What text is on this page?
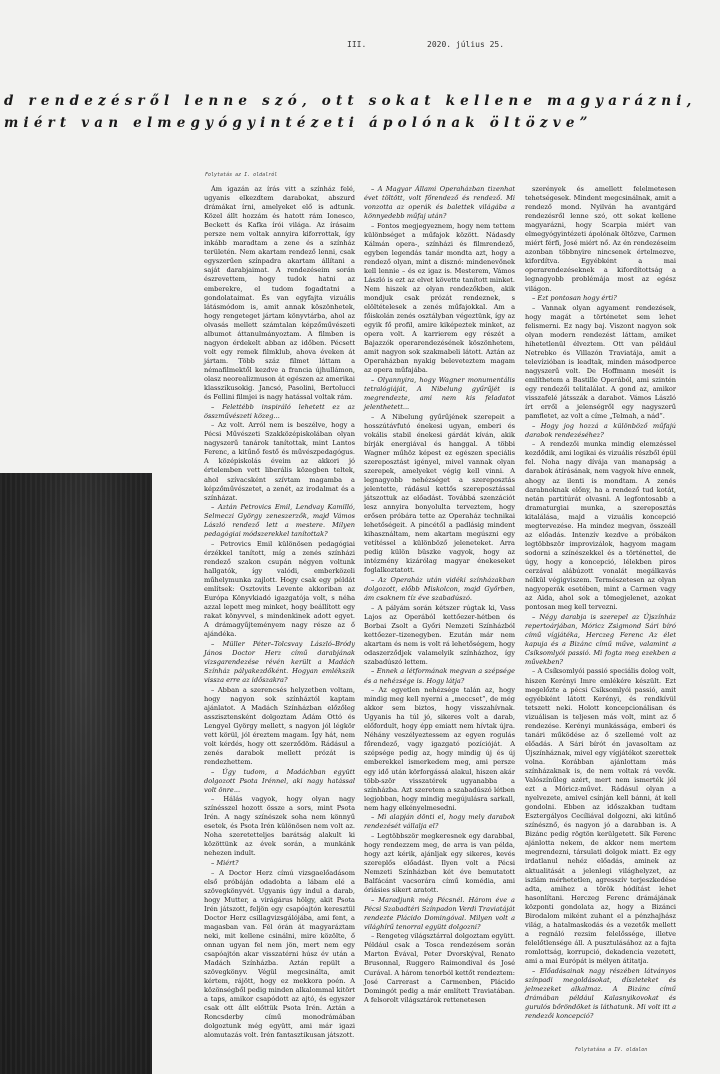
III.	2020. július 25.
d rendezésről lenne szó, ott sokat kellene magyarázni,
miért van elmegyógyintézeti ápolónak öltözve”
Folytatás az I. oldalról

Ám igazán az írás vitt a színház felé, ugyanis elkezdtem darabokat, abszurd drámákat írni, amelyeket elő is adtunk. Közel állt hozzám és hatott rám Ionesco, Beckett és Kafka írói világa. Az írásaim persze nem voltak annyira kiforrottak, így inkább maradtam a zene és a színház területén. Nem akartam rendező lenni, csak egyszerűen színpadra akartam állítani a saját darabjaimat. A rendezéseim során észrevettem, hogy tudok hatni az emberekre, el tudom fogadtatni a gondolataimat. És van egyfajta vizuális látásmódom is, amit annak köszönhetek, hogy rengeteget jártam könyvtárba, ahol az olvasás mellett számtalan képzőművészeti albumot áttanulmányoztam. A filmben is nagyon érdekelt abban az időben. Pécsett volt egy remek filmklub, ahova éveken át jártam. Több száz filmet láttam a némafilmektől kezdve a francia újhullámon, olasz neorealizmuson át egészen az amerikai klasszikusokig. Jancsó, Pasolini, Bertolucci és Fellini filmjei is nagy hatással voltak rám.

– Felettébb inspiráló lehetett ez az összművészeti közeg...

– Az volt. Arról nem is beszélve, hogy a Pécsi Művészeti Szakközépiskolában olyan nagyszerű tanárok tanítottak, mint Lantos Ferenc, a kitűnő festő és művészpedagógus. A középiskolás éveim az akkori jó értelemben vett liberális közegben teltek, ahol szívacsként szívtam magamba a képzőművészetet, a zenét, az irodalmat és a színházat.

– Aztán Petrovics Emil, Lendvay Kamilló, Selmeczi György zeneszerzők, majd Vámos László rendező lett a mestere. Milyen pedagógiai módszerekkel tanítottak?

– Petrovics Emil különösen pedagógiai érzékkel tanított, míg a zenés színházi rendező szakon csupán négyen voltunk hallgatók, így valódi, emberközeli műhelymunka zajlott. Hogy csak egy példát említsek: Osztovits Levente akkoriban az Európa Könyvkiadó igazgatója volt, s néha azzal lepett meg minket, hogy beállított egy rakat könyvvel, s mindenkinek adott egyet. A drámagyűjteményem nagy része az ő ajándéka.

– Müller Péter–Tolcsvay László–Bródy János Doctor Herz című darabjának vizsgarendezése révén került a Madách Színház pályakezdőként. Hogyan emlékszik vissza erre az időszakra?

– Abban a szerencsés helyzetben voltam, hogy nagyon sok színháztól kaptam ajánlatot. A Madách Színházban előzőleg asszisztensként dolgoztam Ádám Ottó és Lengyel György mellett, s nagyon jól légkör vett körül, jól éreztem magam. Így hát, nem volt kérdés, hogy ott szerződöm. Rádásul a zenés darabok mellett prózát is rendezhettem.

– Úgy tudom, a Madáchban együtt dolgozott Psota Irénnel, aki nagy hatással volt önre...

– Hálás vagyok, hogy olyan nagy színésszel hozott össze a sors, mint Psota Irén. A nagy színészek soha nem könnyű esetek, és Psota Irén különösen nem volt az. Noha szeretetteljes barátság alakult ki közöttünk az évek során, a munkánk nehezen indult.

– Miért?

– A Doctor Herz címú vizsgaelőadásom első próbáján odadobta a lábam elé a szövegkönyvét. Ugyanis úgy indul a darab, hogy Mutter, a virágárus hölgy, akit Psota Irén játszott, feljön egy csapóajtón keresztül Doctor Herz csillagvizsgálójába, ami fent, a magasban van. Fél órán át magyaráztam neki, mit kellene csinálni, mire közölte, ő onnan ugyan fel nem jön, mert nem egy csapóajtón akar visszatérni húsz év után a Madách Színházba. Aztán repült a szövegkönyv. Végül megcsinálta, amit kértem, rájött, hogy ez mekkora poén. A közönségből pedig minden alkalommal kitört a taps, amikor csapódott az ajtó, és egyszer csak ott állt előttük Psota Irén. Aztán a Roncsderby című monodrámában dolgoztunk még együtt, ami már igazi alomutazás volt. Irén fantasztikusan játszott.

– A Magyar Állami Operaházban tizenhat évet töltött, volt főrendező és rendező. Mi vonzotta az operák és balettek világába a könnyedebb műfaj után?

– Fontos megjegyeznem, hogy nem tettem különbséget a műfajok között. Nádasdy Kálmán opera-, színházi és filmrendező, egyben legendás tanár mondta azt, hogy a rendező olyan, mint a disznó: mindenevőnek kell lennie – és ez igaz is. Mesterem, Vámos László is ezt az elvet követte tanított minket. Nem hiszek az olyan rendezőkben, akik mondjuk csak prózát rendeznek, s elöltételesek a zenés műfajokkal. Am a főiskolán zenés osztályban végeztünk, így az egyik fő profil, amire kiképeztek minket, az opera volt. A karrierem egy részét a Bajazzók operarendezésének köszönhetem, amit nagyon sok szakmabeli látott. Aztán az Operaházban nyakig beleveteztem magam az opera műfajába.

– Olyannyira, hogy Wagner monumentális tetralógiáját, A Nibelung gyűrűjét is megrendezte, ami nem kis feladatot jelenthetett...

– A Nibelung gyűrűjének szerepeit a hosszútávfutó énekesi ugyan, emberi és vokális stabil énekesi gárdát kíván, akik bírják energiával és hanggal. A többi Wagner műhöz képest ez egészen speciális szereposztást igényel, mivel vannak olyan szerepek, amelyeket végig kell vinni. A legnagyobb nehézséget a szereposztás jelentette, rádásul kettős szereposztással játszottuk az előadást. Továbbá szenzációt lesz annyira bonyolulta terveztem, hogy erősen próbára tette az Operaház technikai lehetőségeit. A pincétől a padlásig mindent kihasználtam, nem akartam megúszni egy vetítéssel a különböző jeleneteket. Arra pedig külön büszke vagyok, hogy az intézmény kizárólag magyar énekeseket foglalkoztatott.

– Az Operaház után vidéki színházakban dolgozott, előbb Miskolcon, majd Győrben, ám csaknem tíz éve szabadúszó.

– A pályám során kétszer rúgtak ki, Vass Lajos az Operából kettőezer-hétben és Borbai Zsolt a Győri Nemzeti Színházból kettőezer–tizenegyben. Ezután már nem akartam és nem is volt rá lehetőségem, hogy odaszerződjek valamelyik színházhoz, így szabadúszó lettem.

– Ennek a létformának megvan a szépsége és a nehézsége is. Hogy látja?

– Az egyetlen nehézsége talán az, hogy mindig meg kell nyerni a „meccset”, de még akkor sem biztos, hogy visszahívnak. Ugyanis ha túl jó, sikeres volt a darab, előfordult, hogy épp emiatt nem hívtak újra. Néhány veszélyeztessem az egyen rogulás főrendező, vagy igazgató pozícióját. A szépsége pedig az, hogy mindig új és új emberekkel ismerkedem meg, ami persze egy idő után körforgássá alakul, hiszen akár több-ször visszatérek ugyanabba a színházba. Azt szeretem a szabadúszó létben legjobban, hogy mindig megújulásra sarkall, nem hagy elkényelmesedni.

– Mi alapján dönti el, hogy mely darabok rendezését vállalja el?

– Legtöbbször megkeresnek egy darabbal, hogy rendezzem meg, de arra is van példa, hogy azt kérik, ajánljak egy sikeres, kevés szereplős előadást. Ilyen volt a Pécsi Nemzeti Színházban két éve bemutatott Balfácánt vacsorára című komédia, ami óriásies sikert aratott.

– Maradjunk még Pécsnél. Három éve a Pécsi Szabadtéri Színpadon Verdi Traviatáját rendezte Plácido Domingóval. Milyen volt a világhírű tenorral együtt dolgozni?

– Rengeteg világsztárral dolgoztam együtt. Például csak a Tosca rendezésem során Marton Évával, Peter Dvorskýval, Renato Brusonnal, Ruggero Raimondival és José Curával. A három tenorból kettőt rendeztem: José Carrerast a Carmenben, Plácido Domingót pedig a már említett Traviatában. A felsorolt világsztárok rettenetesen

szerények és amellett felelmetesen tehetségesek. Mindent megcsinálnak, amit a rendező mond. Nyilván ha avantgárd rendezésről lenne szó, ott sokat kellene magyarázni, hogy Scarpia miért van elmegyógyintézeti ápolónak öltözve, Carmen miért férfi, José miért nő. Az én rendezéseim azonban többnyire nincsenek értelmezve, kifordítva. Egyébként a mai operarendezéseknek a kifordítottság a legnagyobb problémája most az egész világon.

– Ezt pontosan hogy érti?

– Vannak olyan agyament rendezések, hogy magát a történetet sem lehet felismerni. Ez nagy baj. Viszont nagyon sok olyan modern rendezést láttam, amiket hihetetlenül élveztem. Ott van például Netrebko és Villazón Traviatája, amit a televízióban is leadtak, minden másodperce nagyszerű volt. De Hoffmann meséit is említhetem a Bastille Operából, ami szintén egy rendezői telitalálat. A gond az, amikor visszafelé játsszák a darabot. Vámos László írt erről a jelenségről egy nagyszerű pamfletet, az volt a címe „Telmah, a nád”.

– Hogy jog hozzá a különböző műfajú darabok rendezéséhez?

– A rendezői munka mindig elemzéssel kezdődik, ami logikai és vizuális részből épül fel. Noha nagy dívája van manapság a darabok átírásának, nem vagyok híve ennek, ahogy az ilenti is mondtam. A zenés darabnoknak előny, ha a rendező tud kotát, netán partitúrát olvasni. A legfontosabb a dramaturgiai munka, a szereposztás kitalálása, majd a vizuális koncepció megtervezése. Ha mindez megvan, összeáll az előadás. Intenzív kezdve a próbákon legtöbbször improvizálok, hagyom magam sodorni a színészekkel és a történettel, de úgy, hogy a koncepció, lélekben piros cerzával alábúzott vonalát megálkavás nélkül végigviszem. Természetesen az olyan nagyoperák esetében, mint a Carmen vagy az Aida, ahol sok a tömegjelenet, azokat pontosan meg kell tervezni.

– Négy darabja is szerepel az Újszínház repertoárjában, Móricz Zsigmond Sári bíró című vígjátéka, Herczeg Ferenc Az élet kapuja és a Bizánc című műve, valamint a Csíksomlyói passió. Mi fogta meg ezekben a művekben?

– A Csíksomlyói passió speciális dolog volt, hiszen Kerényi Imre emlékére készült. Ezt megelőzte a pécsi Csíksomlyói passió, amit egyébként látott Kerényi, és rendkívül tetszett neki. Holott koncepcionálisan és vizuálisan is teljesen más volt, mint az ő rendezése. Kerényi munkássága, emberi és tanári működése az ő szellemé volt az előadás. A Sári bírót én javasoltam az Újszínháznak, mivel egy vígjátékot szerettek volna. Korábban ajánlottam más színházaknak is, de nem voltak rá vevők. Valószínűleg azért, mert nem ismerték jól ezt a Móricz-művet. Rádásul olyan a nyelvezete, amivel csínján kell bánni, át kell gondolni. Ebben az időszakban tudtam Esztergályos Cecíliával dolgozni, aki kitűnő színésznő, és nagyon jó a darabban is. A Bizánc pedig rögtön kerülgetett. Sík Ferenc ajánlotta nekem, de akkor nem mertem megrendezni, társulati dolgok miatt. Ez egy irdatlanul nehéz előadás, aminek az aktualitását a jelenlegi világhelyzet, az iszlám mérhetetlen, agresszív terjeszkedése adta, amihez a török hódítást lehet hasonlítani. Herczeg Ferenc drámájának központi gondolata az, hogy a Bizánci Birodalom miként zuhant el a pénzhajhász világ, a hatalmaskodás és a vezetők mellett a regnáló rezsim felelőssége, illetve felelőtlensége áll. A pusztulásához az a fajta romlottság, korrupció, dekadencia vezetett, ami a mai Európát is mélyen átitatja.

– Előadásainak nagy részében látványos színpadi megoldásokat, díszleteket és jelmezeket alkalmaz. A Bizánc című drámában például Kalasnyikovokat és gurulós bőröndöket is láthatunk. Mi volt itt a rendezői koncepció?

Folytatása a IV. oldalon
